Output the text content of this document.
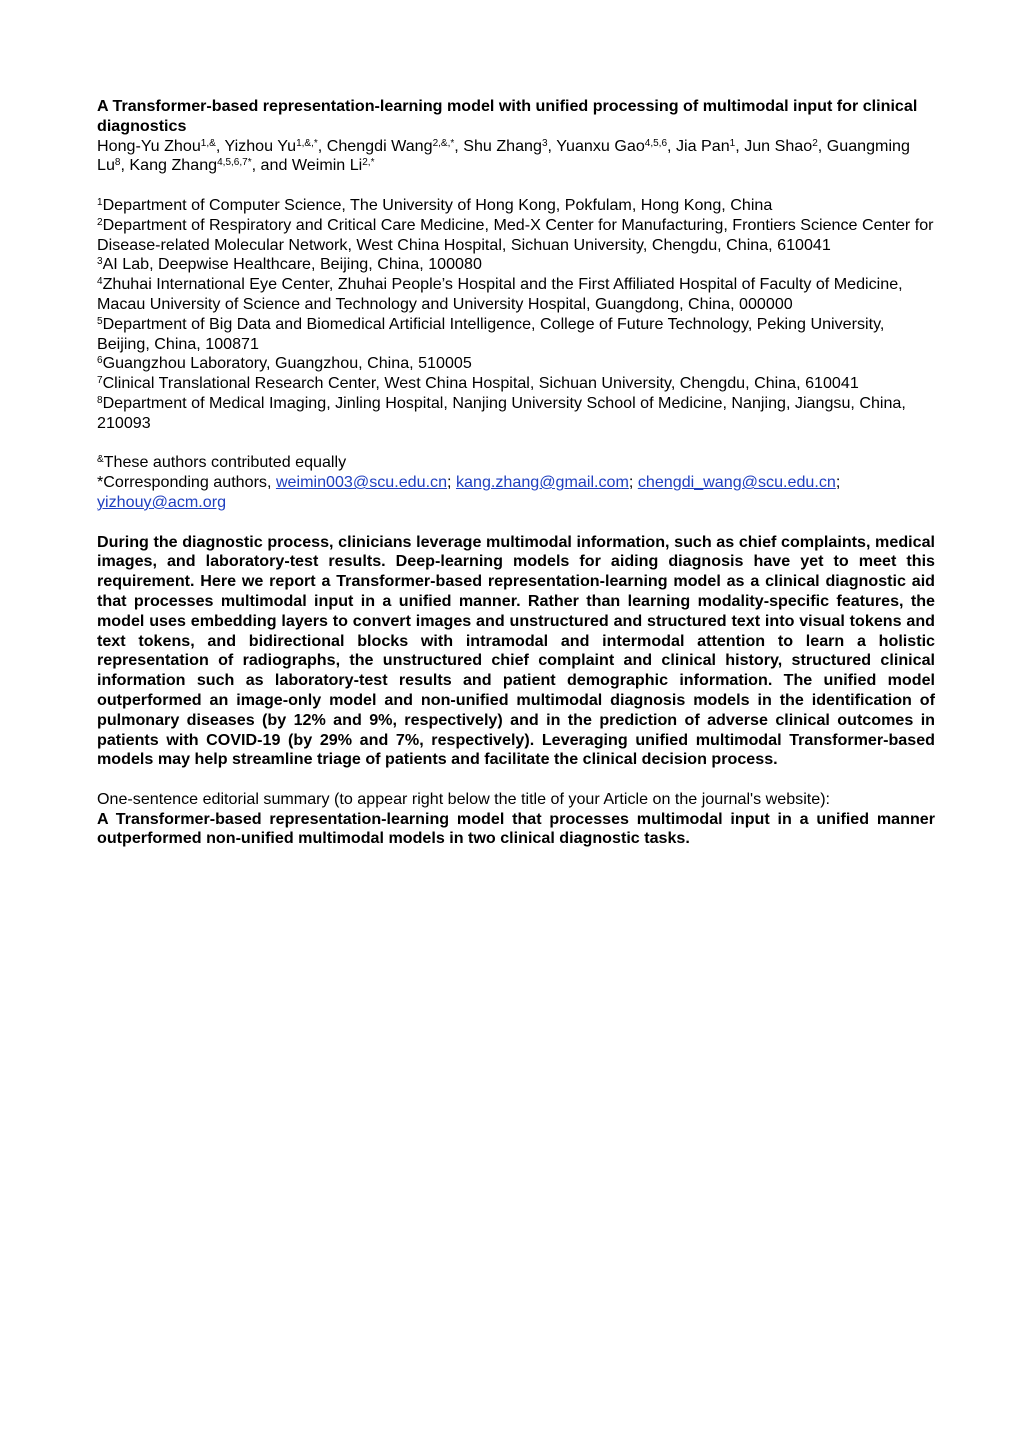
A Transformer-based representation-learning model with unified processing of multimodal input for clinical diagnostics

Hong-Yu Zhou$^{1,\&}$, Yizhou $Yu^{1,\&,*}$, Chengdi Wang$^{2,\&,*}$, Shu Zhang$^3$, Yuanxu Gao$^{4,5,6}$, Jia Pan$^1$, Jun Shao$^2$, Guangming Lu$^8$, Kang Zhang$^{4,5,6,7*}$, and Weimin $Li^{2,*}$

$^1$Department of Computer Science, The University of Hong Kong, Pokfulam, Hong Kong, China
$^2$Department of Respiratory and Critical Care Medicine, Med-X Center for Manufacturing, Frontiers Science Center for Disease-related Molecular Network, West China Hospital, Sichuan University, Chengdu, China, 610041
$^3$AI Lab, Deepwise Healthcare, Beijing, China, 100080
$^4$Zhuhai International Eye Center, Zhuhai People’s Hospital and the First Affiliated Hospital of Faculty of Medicine, Macau University of Science and Technology and University Hospital, Guangdong, China, 000000
$^5$Department of Big Data and Biomedical Artificial Intelligence, College of Future Technology, Peking University, Beijing, China, 100871
$^6$Guangzhou Laboratory, Guangzhou, China, 510005
$^7$Clinical Translational Research Center, West China Hospital, Sichuan University, Chengdu, China, 610041
$^8$Department of Medical Imaging, Jinling Hospital, Nanjing University School of Medicine, Nanjing, Jiangsu, China, 210093
&These authors contributed equally
*Corresponding authors, weimin003@scu.edu.cn; kang.zhang@gmail.com; chengdi_wang@scu.edu.cn;
yizhouy@acm.org

During the diagnostic process, clinicians leverage multimodal information, such as chief complaints, medical images, and laboratory-test results. Deep-learning models for aiding diagnosis have yet to meet this requirement. Here we report a Transformer-based representation-learning model as a clinical diagnostic aid that processes multimodal input in a unified manner. Rather than learning modality-specific features, the model uses embedding layers to convert images and unstructured and structured text into visual tokens and text tokens, and bidirectional blocks with intramodal and intermodal attention to learn a holistic representation of radiographs, the unstructured chief complaint and clinical history, structured clinical information such as laboratory-test results and patient demographic information. The unified model outperformed an image-only model and non-unified multimodal diagnosis models in the identification of pulmonary diseases (by 12% and 9%, respectively) and in the prediction of adverse clinical outcomes in patients with COVID-19 (by 29% and 7%, respectively). Leveraging unified multimodal Transformer-based models may help streamline triage of patients and facilitate the clinical decision process.

One-sentence editorial summary (to appear right below the title of your Article on the journal's website):

A Transformer-based representation-learning model that processes multimodal input in a unified manner outperformed non-unified multimodal models in two clinical diagnostic tasks.
